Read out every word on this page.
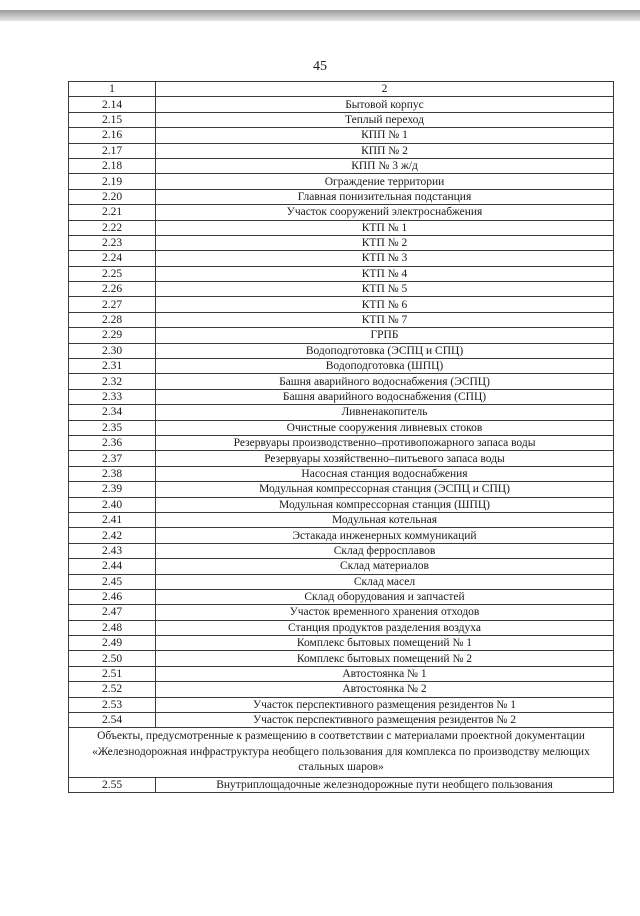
45
1	2
2.14	Бытовой корпус
2.15	Теплый переход
2.16	КПП № 1
2.17	КПП № 2
2.18	КПП № 3 ж/д
2.19	Ограждение территории
2.20	Главная понизительная подстанция
2.21	Участок сооружений электроснабжения
2.22	КТП № 1
2.23	КТП № 2
2.24	КТП № 3
2.25	КТП № 4
2.26	КТП № 5
2.27	КТП № 6
2.28	КТП № 7
2.29	ГРПБ
2.30	Водоподготовка (ЭСПЦ и СПЦ)
2.31	Водоподготовка (ШПЦ)
2.32	Башня аварийного водоснабжения (ЭСПЦ)
2.33	Башня аварийного водоснабжения (СПЦ)
2.34	Ливненакопитель
2.35	Очистные сооружения ливневых стоков
2.36	Резервуары производственно–противопожарного запаса воды
2.37	Резервуары хозяйственно–питьевого запаса воды
2.38	Насосная станция водоснабжения
2.39	Модульная компрессорная станция (ЭСПЦ и СПЦ)
2.40	Модульная компрессорная станция (ШПЦ)
2.41	Модульная котельная
2.42	Эстакада инженерных коммуникаций
2.43	Склад ферросплавов
2.44	Склад материалов
2.45	Склад масел
2.46	Склад оборудования и запчастей
2.47	Участок временного хранения отходов
2.48	Станция продуктов разделения воздуха
2.49	Комплекс бытовых помещений № 1
2.50	Комплекс бытовых помещений № 2
2.51	Автостоянка № 1
2.52	Автостоянка № 2
2.53	Участок перспективного размещения резидентов № 1
2.54	Участок перспективного размещения резидентов № 2
Объекты, предусмотренные к размещению в соответствии с материалами проектной документации «Железнодорожная инфраструктура необщего пользования для комплекса по производству мелющих стальных шаров»	
2.55	Внутриплощадочные железнодорожные пути необщего пользования
